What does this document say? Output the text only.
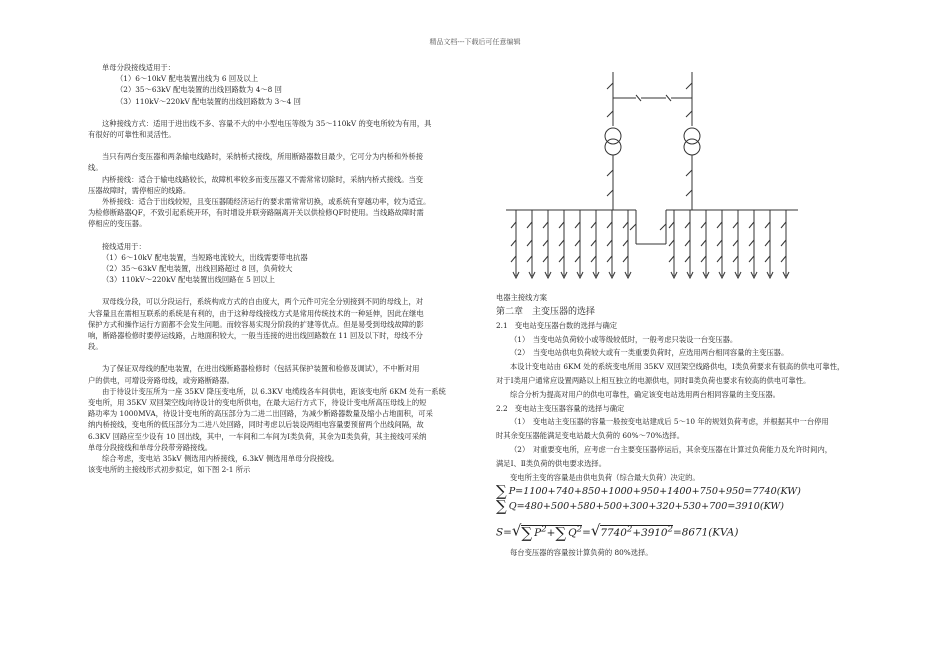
精品文档---下载后可任意编辑

单母分段接线适用于：

（1）6～10kV 配电装置出线为 6 回及以上

（2）35～63kV 配电装置的出线回路数为 4～8 回

（3）110kV～220kV 配电装置的出线回路数为 3～4 回

这种接线方式：适用于进出线不多、容量不大的中小型电压等级为 35～110kV 的变电所较为有用，具

有很好的可靠性和灵活性。

当只有两台变压器和两条输电线路时，采纳桥式接线，所用断路器数目最少，它可分为内桥和外桥接

线。

内桥接线：适合于输电线路较长，故障机率较多而变压器又不需常常切除时，采纳内桥式接线。当变

压器故障时，需停相应的线路。

外桥接线：适合于出线较短，且变压器随经济运行的要求需常常切换，或系统有穿越功率，较为适宜。

为检修断路器QF，不致引起系统开环，有时增设并联旁路隔离开关以供检修QF时使用。当线路故障时需

停相应的变压器。

接线适用于：

（1）6～10kV 配电装置，当短路电流较大，出线需要带电抗器

（2）35～63kV 配电装置，出线回路超过 8 回，负荷较大

（3）110kV～220kV 配电装置出线回路在 5 回以上

双母线分段，可以分段运行，系统构成方式的自由度大，两个元件可完全分别接到不同的母线上，对

大容量且在需相互联系的系统是有利的，由于这种母线接线方式是常用传统技术的一种延伸，因此在继电

保护方式和操作运行方面都不会发生问题。而较容易实现分阶段的扩建等优点。但是易受到母线故障的影

响，断路器检修时要停运线路，占地面积较大，一般当连接的进出线回路数在 11 回及以下时，母线不分

段。

为了保证双母线的配电装置，在进出线断路器检修时（包括其保护装置和检修及调试），不中断对用

户的供电，可增设旁路母线，或旁路断路器。

由于待设计变压所为一座 35KV 降压变电所，以 6.3KV 电缆线各车间供电，距该变电所 6KM 处有一系统

变电所，用 35KV 双回架空线向待设计的变电所供电，在最大运行方式下，待设计变电所高压母线上的短

路功率为 1000MVA，待设计变电所的高压部分为二进二出回路，为减少断路器数量及缩小占地面积，可采

纳内桥接线，变电所的低压部分为二进八处回路，同时考虑以后装设两组电容量要预留两个出线间隔，故

6.3KV 回路应至少设有 10 回出线，其中，一车间和二车间为Ⅰ类负荷，其余为Ⅱ类负荷，其主接线可采纳

单母分段接线和单母分段带旁路接线。

综合考虑，变电站 35kV 侧选用内桥接线，6.3kV 侧选用单母分段接线。

该变电所的主接线形式初步拟定，如下图 2-1 所示

电器主接线方案

第二章　主变压器的选择

2.1　变电站变压器台数的选择与确定

（1）　当变电站负荷较小或等级较低时，一般考虑只装设一台变压器。

（2）　当变电站供电负荷较大或有一类重要负荷时，应选用两台相同容量的主变压器。

本设计变电站由 6KM 处的系统变电所用 35KV 双回架空线路供电，Ⅰ类负荷要求有很高的供电可靠性，

对于Ⅰ类用户通常应设置两路以上相互独立的电源供电，同时Ⅱ类负荷也要求有较高的供电可靠性。

综合分析为提高对用户的供电可靠性，确定该变电站选用两台相同容量的主变压器。

2.2　变电站主变压器容量的选择与确定

（1）　变电站主变压器的容量一般按变电站建成后 5～10 年的规划负荷考虑，并根据其中一台停用

时其余变压器能满足变电站最大负荷的 60%～70%选择。

（2）　对重要变电所，应考虑一台主要变压器停运后，其余变压器在计算过负荷能力及允许时间内，

满足Ⅰ、Ⅱ类负荷的供电要求选择。

变电所主变的容量是由供电负荷（综合最大负荷）决定的。

∑ P=1100+740+850+1000+950+1400+750+950=7740(KW)

∑ Q=480+500+580+500+300+320+530+700=3910(KW)

S=√∑ $P^2+\sum$ $Q^2=√7740^2+3910^2=8671(KVA)$

每台变压器的容量按计算负荷的 80%选择。
